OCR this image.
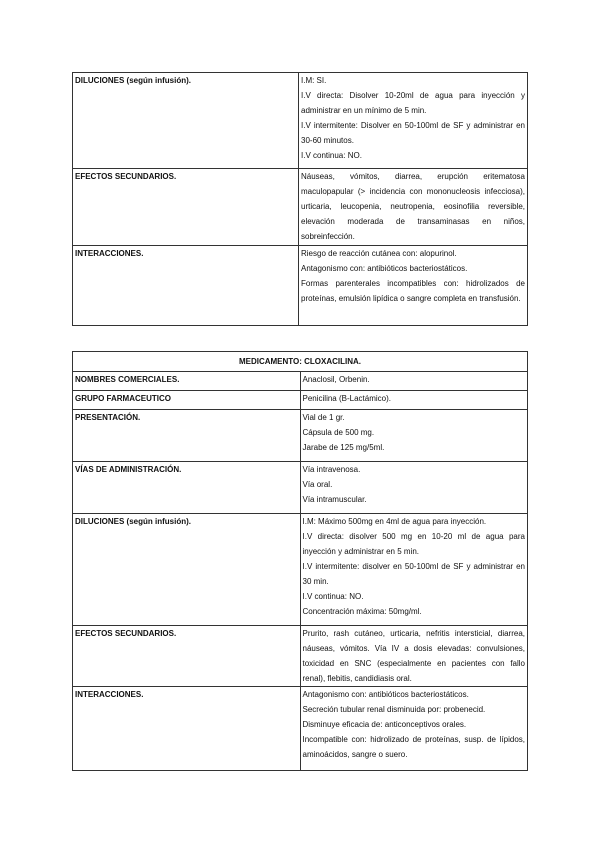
DILUCIONES (según infusión).	I.M: SI.
I.V directa: Disolver 10-20ml de agua para inyección y administrar en un mínimo de 5 min.
I.V intermitente: Disolver en 50-100ml de SF y administrar en 30-60 minutos.
I.V continua: NO.

EFECTOS SECUNDARIOS.	Náuseas, vómitos, diarrea, erupción eritematosa maculopapular (> incidencia con mononucleosis infecciosa), urticaria, leucopenia, neutropenia, eosinofilia reversible, elevación moderada de transaminasas en niños, sobreinfección.

INTERACCIONES.	Riesgo de reacción cutánea con: alopurinol.
Antagonismo con: antibióticos bacteriostáticos.
Formas parenterales incompatibles con: hidrolizados de proteínas, emulsión lipídica o sangre completa en transfusión.
MEDICAMENTO: CLOXACILINA.	
NOMBRES COMERCIALES.	Anaclosil, Orbenin.

GRUPO FARMACEUTICO	Penicilina (B-Lactámico).

PRESENTACIÓN.	Vial de 1 gr.
Cápsula de 500 mg.
Jarabe de 125 mg/5ml.

VÍAS DE ADMINISTRACIÓN.	Vía intravenosa.
Vía oral.
Vía intramuscular.

DILUCIONES (según infusión).	I.M: Máximo 500mg en 4ml de agua para inyección.
I.V directa: disolver 500 mg en 10-20 ml de agua para inyección y administrar en 5 min.
I.V intermitente: disolver en 50-100ml de SF y administrar en 30 min.
I.V continua: NO.
Concentración máxima: 50mg/ml.

EFECTOS SECUNDARIOS.	Prurito, rash cutáneo, urticaria, nefritis intersticial, diarrea, náuseas, vómitos. Vía IV a dosis elevadas: convulsiones, toxicidad en SNC (especialmente en pacientes con fallo renal), flebitis, candidiasis oral.

INTERACCIONES.	Antagonismo con: antibióticos bacteriostáticos.
Secreción tubular renal disminuida por: probenecid.
Disminuye eficacia de: anticonceptivos orales.
Incompatible con: hidrolizado de proteínas, susp. de lípidos, aminoácidos, sangre o suero.
